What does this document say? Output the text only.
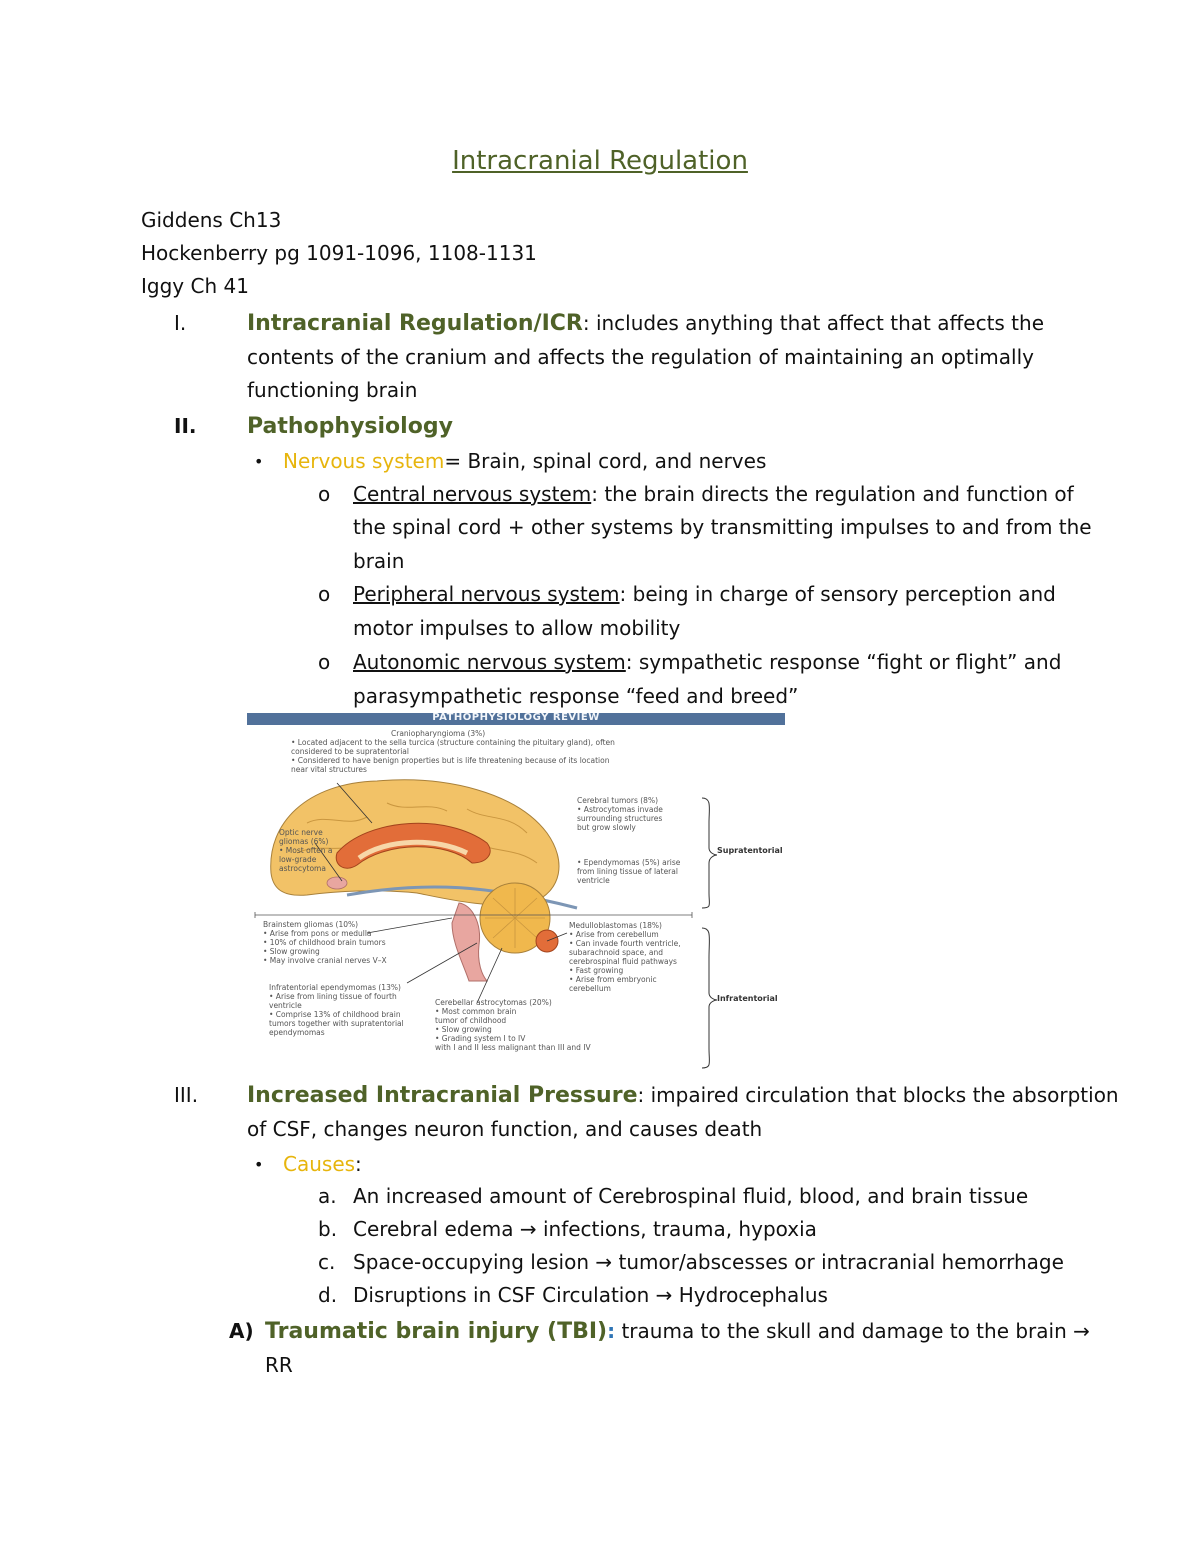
Intracranial Regulation
Giddens Ch13
Hockenberry pg 1091-1096, 1108-1131
Iggy Ch 41
I.	Intracranial Regulation/ICR: includes anything that affect that affects the
contents of the cranium and affects the regulation of maintaining an optimally
functioning brain
II. Pathophysiology
• Nervous system= Brain, spinal cord, and nerves
o Central nervous system: the brain directs the regulation and function of
the spinal cord + other systems by transmitting impulses to and from the
brain
o Peripheral nervous system: being in charge of sensory perception and
motor impulses to allow mobility
o Autonomic nervous system: sympathetic response “fight or flight” and
parasympathetic response “feed and breed”
PATHOPHYSIOLOGY REVIEW
Craniopharyngioma (3%)
• Located adjacent to the sella turcica (structure containing the pituitary gland), often
considered to be supratentorial
• Considered to have benign properties but is life threatening because of its location
near vital structures
Cerebral tumors (8%)
• Astrocytomas invade
surrounding structures
but grow slowly
• Ependymomas (5%) arise
from lining tissue of lateral
ventricle
Optic nerve
gliomas (6%)
• Most often a
low-grade
astrocytoma
Supratentorial
Brainstem gliomas (10%)
• Arise from pons or medulla
• 10% of childhood brain tumors
• Slow growing
• May involve cranial nerves V–X
Infratentorial ependymomas (13%)
• Arise from lining tissue of fourth
ventricle
• Comprise 13% of childhood brain
tumors together with supratentorial
ependymomas
Cerebellar astrocytomas (20%)
• Most common brain
tumor of childhood
• Slow growing
• Grading system I to IV
with I and II less malignant than III and IV
Medulloblastomas (18%)
• Arise from cerebellum
• Can invade fourth ventricle,
subarachnoid space, and
cerebrospinal fluid pathways
• Fast growing
• Arise from embryonic
cerebellum
Infratentorial
III. Increased Intracranial Pressure: impaired circulation that blocks the absorption
of CSF, changes neuron function, and causes death
• Causes:
a. An increased amount of Cerebrospinal fluid, blood, and brain tissue
b. Cerebral edema → infections, trauma, hypoxia
c. Space-occupying lesion → tumor/abscesses or intracranial hemorrhage
d. Disruptions in CSF Circulation → Hydrocephalus
A) Traumatic brain injury (TBI): trauma to the skull and damage to the brain →
RR
